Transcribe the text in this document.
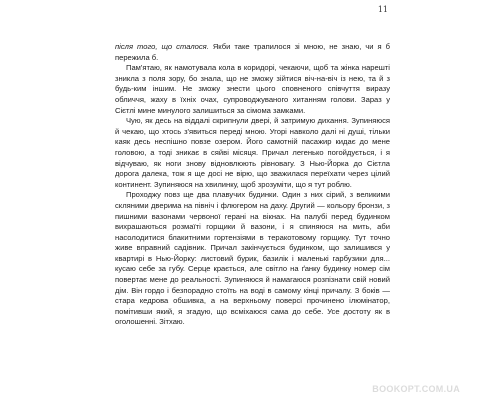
11

після того, що сталося. Якби таке трапилося зі мною, не знаю, чи я б пережила б.

Пам'ятаю, як намотувала кола в коридорі, чекаючи, щоб та жінка нарешті зникла з поля зору, бо знала, що не зможу зійтися віч-на-віч із нею, та й з будь-ким іншим. Не зможу знести цього сповненого співчуття виразу обличчя, жаху в їхніх очах, супроводжуваного хитанням голови. Зараз у Сієтлі мине минулого залишиться за сімома замками.

Чую, як десь на віддалі скрипнули двері, й затримую дихання. Зупиняюся й чекаю, що хтось з'явиться переді мною. Угорі навколо далі ні душі, тільки каяк десь неспішно повзе озером. Його самотній пасажир кидає до мене головою, а тоді зникає в сяйві місяця. Причал легенько погойдується, і я відчуваю, як ноги знову відновлюють рівновагу. З Нью-Йорка до Сієтла дорога далека, тож я ще досі не вірю, що зважилася переїхати через цілий континент. Зупиняюся на хвилинку, щоб зрозуміти, що я тут роблю.

Проходжу повз ще два плавучих будинки. Один з них сірий, з великими скляними дверима на північ і флюгером на даху. Другий — кольору бронзи, з пишними вазонами червоної герані на вікнах. На палубі перед будинком вихрашаються розмаїті горщики й вазони, і я спиняюся на мить, аби насолодитися блакитними гортензіями в теракотовому горщику. Тут точно живе вправний садівник. Причал закінчується будинком, що залишився у квартирі в Нью-Йорку: листовий бурик, базилік і маленькі гарбузики для... кусаю себе за губу. Серце крається, але світло на ґанку будинку номер сім повертає мене до реальності. Зупиняюся й намагаюся розпізнати свій новий дім. Він гордо і безпорадно стоїть на воді в самому кінці причалу. З боків — стара кедрова обшивка, а на верхньому поверсі прочинено ілюмінатор, помітивши який, я згадую, що всміхаюся сама до себе. Усе достоту як в оголошенні. Зітхаю.

BOOKOPT.COM.UA
